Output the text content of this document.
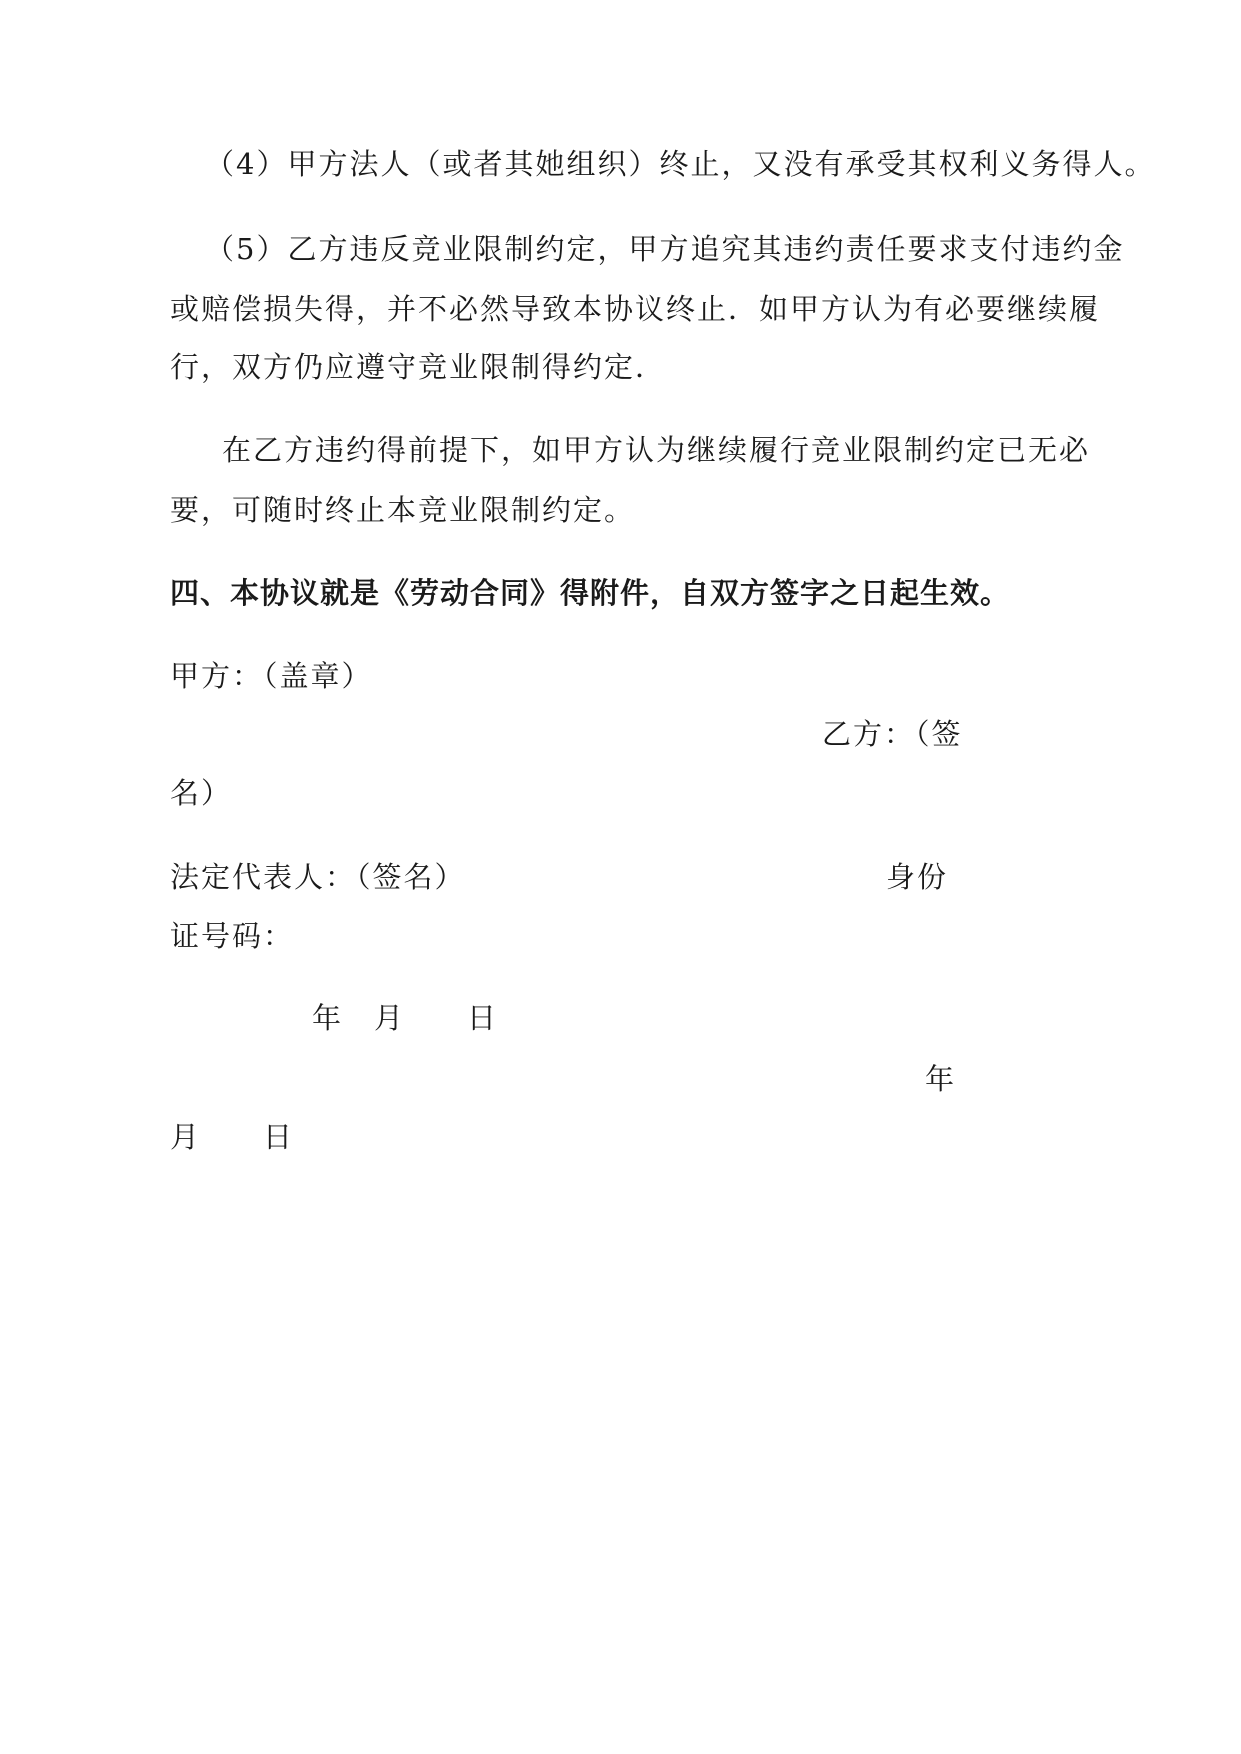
（4）甲方法人（或者其她组织）终止，又没有承受其权利义务得人。
（5）乙方违反竞业限制约定，甲方追究其违约责任要求支付违约金
或赔偿损失得，并不必然导致本协议终止．如甲方认为有必要继续履
行，双方仍应遵守竞业限制得约定．
在乙方违约得前提下，如甲方认为继续履行竞业限制约定已无必
要，可随时终止本竞业限制约定。
四、本协议就是《劳动合同》得附件，自双方签字之日起生效。
甲方：（盖章）
乙方：（签
名）
法定代表人：（签名）	身份
证号码：
年　月　　日
年
月　　日
